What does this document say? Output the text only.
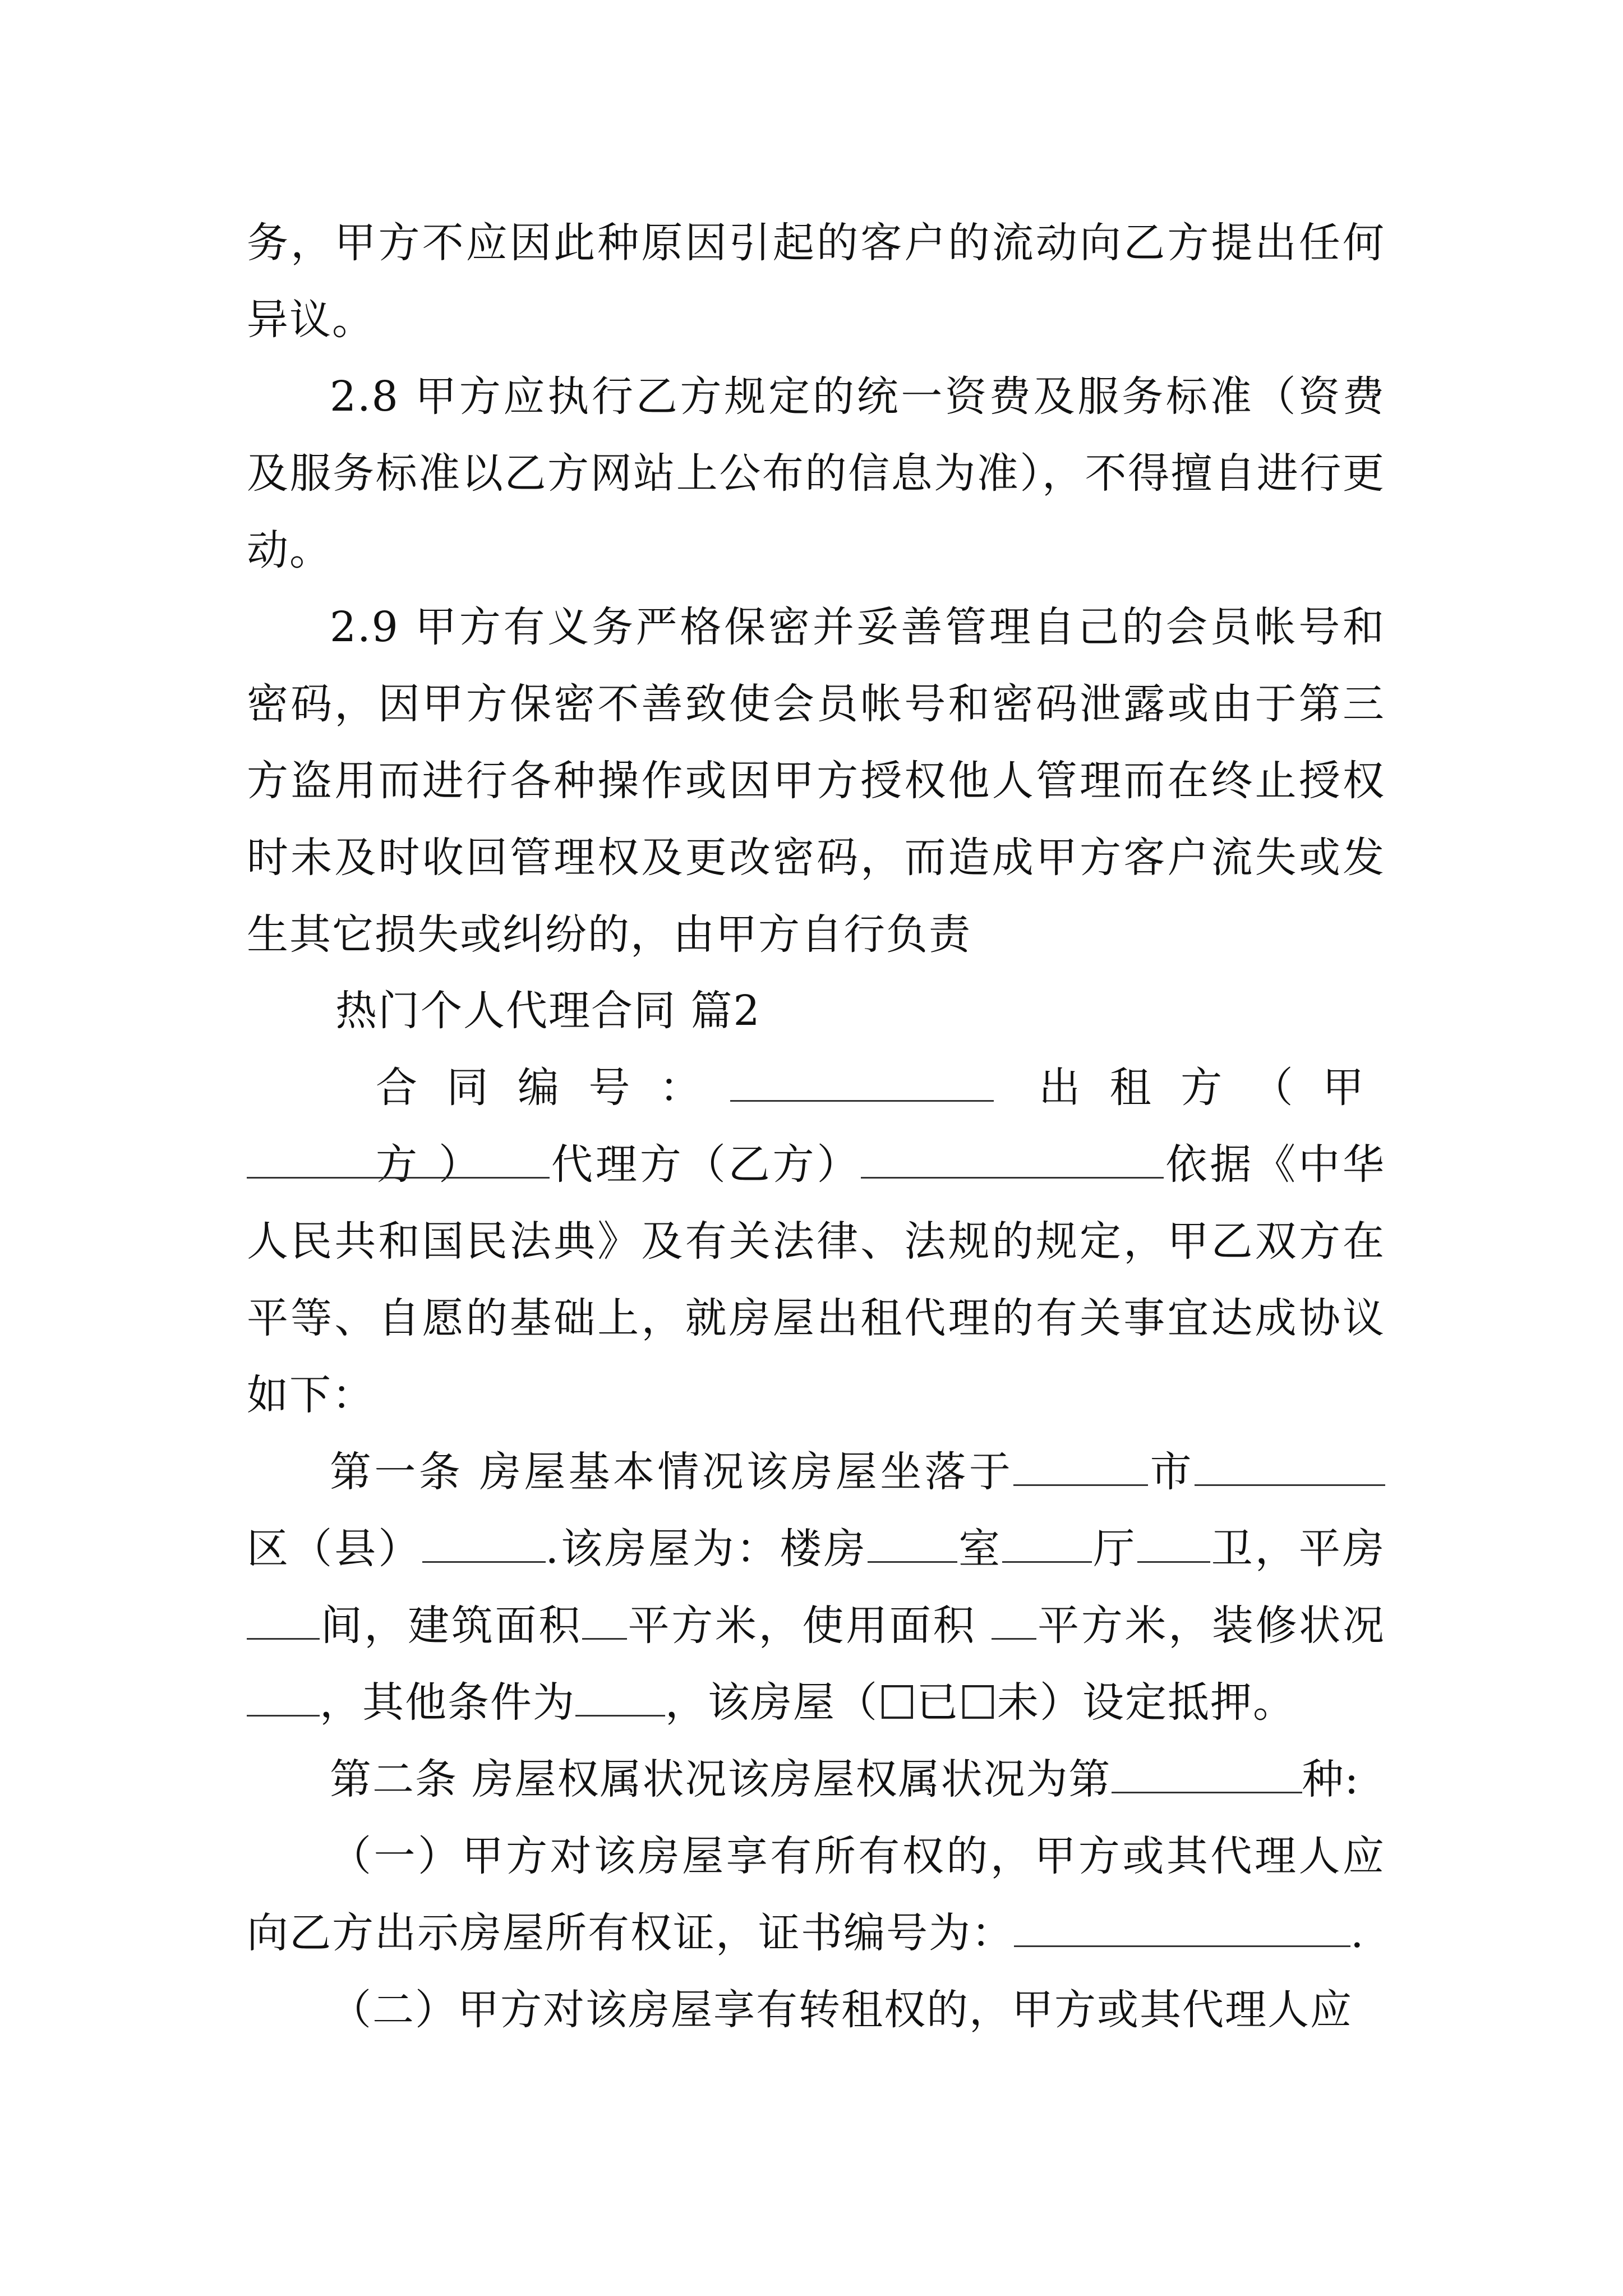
务，甲方不应因此种原因引起的客户的流动向乙方提出任何异议。

2.8 甲方应执行乙方规定的统一资费及服务标准（资费及服务标准以乙方网站上公布的信息为准），不得擅自进行更动。

2.9 甲方有义务严格保密并妥善管理自己的会员帐号和密码，因甲方保密不善致使会员帐号和密码泄露或由于第三方盗用而进行各种操作或因甲方授权他人管理而在终止授权时未及时收回管理权及更改密码，而造成甲方客户流失或发生其它损失或纠纷的，由甲方自行负责

热门个人代理合同 篇2

合同编号：	出租方（甲方）	代理方（乙方）	依据《中华人民共和国民法典》及有关法律、法规的规定，甲乙双方在平等、自愿的基础上，就房屋出租代理的有关事宜达成协议如下：

第一条 房屋基本情况该房屋坐落于	市区（县）	.该房屋为：楼房 室 厅 卫，平房间，建筑面积 平方米，使用面积 平方米，装修状况，其他条件为 ，该房屋（ 已 未）设定抵押。

第二条 房屋权属状况该房屋权属状况为第	种:

（一）甲方对该房屋享有所有权的，甲方或其代理人应向乙方出示房屋所有权证，证书编号为：	.

（二）甲方对该房屋享有转租权的，甲方或其代理人应
